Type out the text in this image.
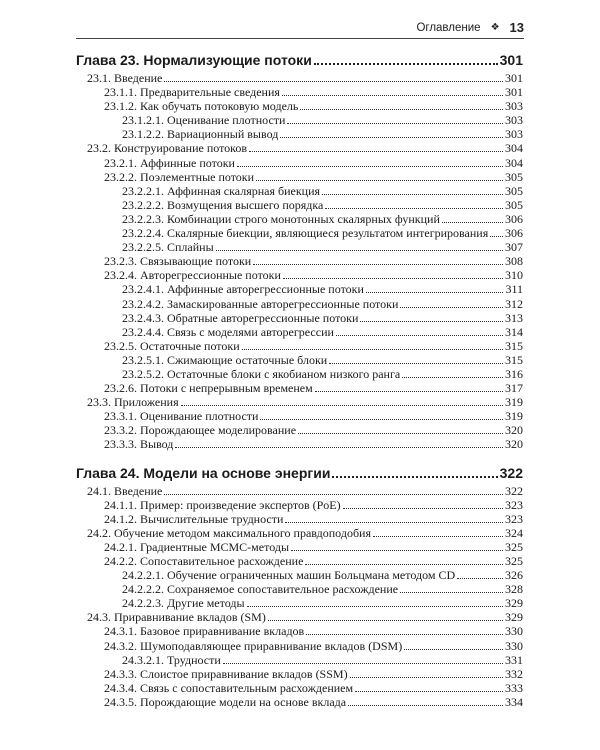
Оглавление ❖ 13
Глава 23. Нормализующие потоки	301
23.1. Введение	301
23.1.1. Предварительные сведения	301
23.1.2. Как обучать потоковую модель	303
23.1.2.1. Оценивание плотности	303
23.1.2.2. Вариационный вывод	303
23.2. Конструирование потоков	304
23.2.1. Аффинные потоки	304
23.2.2. Поэлементные потоки	305
23.2.2.1. Аффинная скалярная биекция	305
23.2.2.2. Возмущения высшего порядка	305
23.2.2.3. Комбинации строго монотонных скалярных функций	306
23.2.2.4. Скалярные биекции, являющиеся результатом интегрирования 306
23.2.2.5. Сплайны	307
23.2.3. Связывающие потоки	308
23.2.4. Авторегрессионные потоки	310
23.2.4.1. Аффинные авторегрессионные потоки	311
23.2.4.2. Замаскированные авторегрессионные потоки	312
23.2.4.3. Обратные авторегрессионные потоки	313
23.2.4.4. Связь с моделями авторегрессии	314
23.2.5. Остаточные потоки	315
23.2.5.1. Сжимающие остаточные блоки	315
23.2.5.2. Остаточные блоки с якобианом низкого ранга	316
23.2.6. Потоки с непрерывным временем	317
23.3. Приложения	319
23.3.1. Оценивание плотности	319
23.3.2. Порождающее моделирование	320
23.3.3. Вывод	320
Глава 24. Модели на основе энергии	322
24.1. Введение	322
24.1.1. Пример: произведение экспертов (PoE)	323
24.1.2. Вычислительные трудности	323
24.2. Обучение методом максимального правдоподобия	324
24.2.1. Градиентные MCMC-методы	325
24.2.2. Сопоставительное расхождение	325
24.2.2.1. Обучение ограниченных машин Больцмана методом CD	326
24.2.2.2. Сохраняемое сопоставительное расхождение	328
24.2.2.3. Другие методы	329
24.3. Приравнивание вкладов (SM)	329
24.3.1. Базовое приравнивание вкладов	330
24.3.2. Шумоподавляющее приравнивание вкладов (DSM)	330
24.3.2.1. Трудности	331
24.3.3. Слоистое приравнивание вкладов (SSM)	332
24.3.4. Связь с сопоставительным расхождением	333
24.3.5. Порождающие модели на основе вклада	334
